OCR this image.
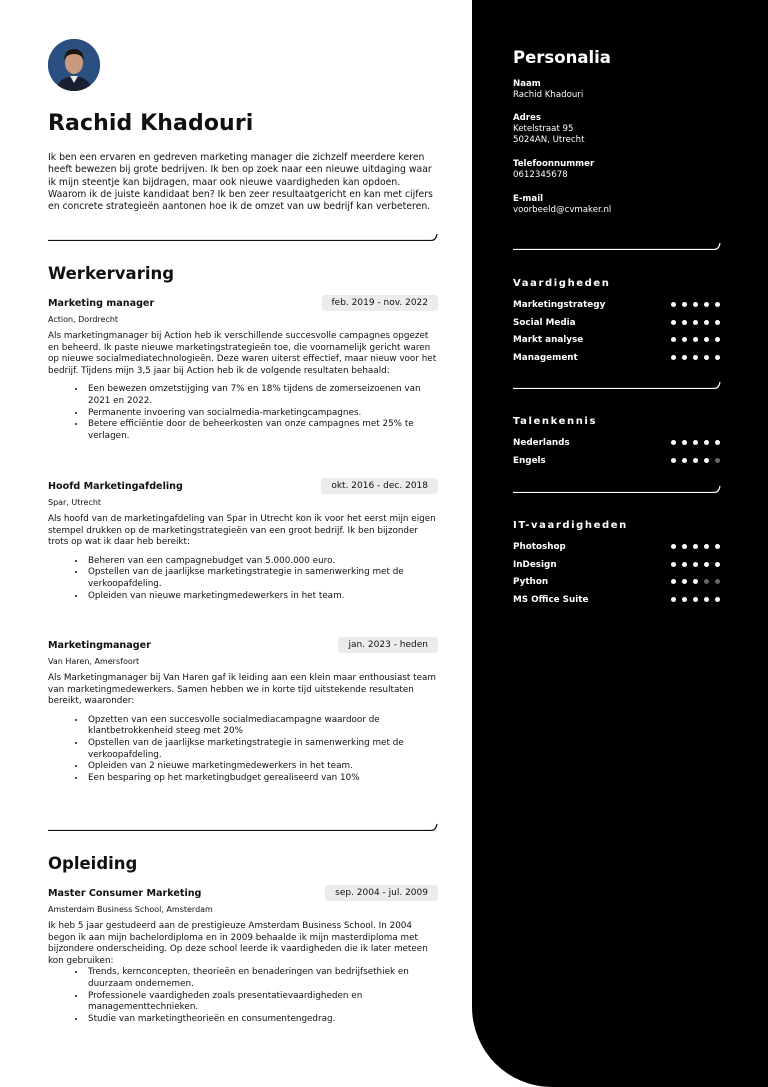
Rachid Khadouri

Ik ben een ervaren en gedreven marketing manager die zichzelf meerdere keren heeft bewezen bij grote bedrijven. Ik ben op zoek naar een nieuwe uitdaging waar ik mijn steentje kan bijdragen, maar ook nieuwe vaardigheden kan opdoen. Waarom ik de juiste kandidaat ben? Ik ben zeer resultaatgericht en kan met cijfers en concrete strategieën aantonen hoe ik de omzet van uw bedrijf kan verbeteren.

Werkervaring
Marketing manager	feb. 2019 - nov. 2022
Action, Dordrecht
Als marketingmanager bij Action heb ik verschillende succesvolle campagnes opgezet en beheerd. Ik paste nieuwe marketingstrategieën toe, die voornamelijk gericht waren op nieuwe socialmediatechnologieën. Deze waren uiterst effectief, maar nieuw voor het bedrijf. Tijdens mijn 3,5 jaar bij Action heb ik de volgende resultaten behaald:
• Een bewezen omzetstijging van 7% en 18% tijdens de zomerseizoenen van 2021 en 2022.
• Permanente invoering van socialmedia-marketingcampagnes.
• Betere efficiëntie door de beheerkosten van onze campagnes met 25% te verlagen.
Hoofd Marketingafdeling	okt. 2016 - dec. 2018
Spar, Utrecht
Als hoofd van de marketingafdeling van Spar in Utrecht kon ik voor het eerst mijn eigen stempel drukken op de marketingstrategieën van een groot bedrijf. Ik ben bijzonder trots op wat ik daar heb bereikt:
• Beheren van een campagnebudget van 5.000.000 euro.
• Opstellen van de jaarlijkse marketingstrategie in samenwerking met de verkoopafdeling.
• Opleiden van nieuwe marketingmedewerkers in het team.
Marketingmanager	jan. 2023 - heden
Van Haren, Amersfoort
Als Marketingmanager bij Van Haren gaf ik leiding aan een klein maar enthousiast team van marketingmedewerkers. Samen hebben we in korte tijd uitstekende resultaten bereikt, waaronder:
• Opzetten van een succesvolle socialmediacampagne waardoor de klantbetrokkenheid steeg met 20%
• Opstellen van de jaarlijkse marketingstrategie in samenwerking met de verkoopafdeling.
• Opleiden van 2 nieuwe marketingmedewerkers in het team.
• Een besparing op het marketingbudget gerealiseerd van 10%
Opleiding
Master Consumer Marketing	sep. 2004 - jul. 2009
Amsterdam Business School, Amsterdam
Ik heb 5 jaar gestudeerd aan de prestigieuze Amsterdam Business School. In 2004 begon ik aan mijn bachelordiploma en in 2009 behaalde ik mijn masterdiploma met bijzondere onderscheiding. Op deze school leerde ik vaardigheden die ik later meteen kon gebruiken:
• Trends, kernconcepten, theorieën en benaderingen van bedrijfsethiek en duurzaam ondernemen.
• Professionele vaardigheden zoals presentatievaardigheden en managementtechnieken.
• Studie van marketingtheorieën en consumentengedrag.
Personalia
Naam
Rachid Khadouri
Adres
Ketelstraat 95
5024AN, Utrecht
Telefoonnummer
0612345678
E-mail
voorbeeld@cvmaker.nl
Vaardigheden
Marketingstrategy
Social Media
Markt analyse
Management
Talenkennis
Nederlands
Engels
IT-vaardigheden
Photoshop
InDesign
Python
MS Office Suite
